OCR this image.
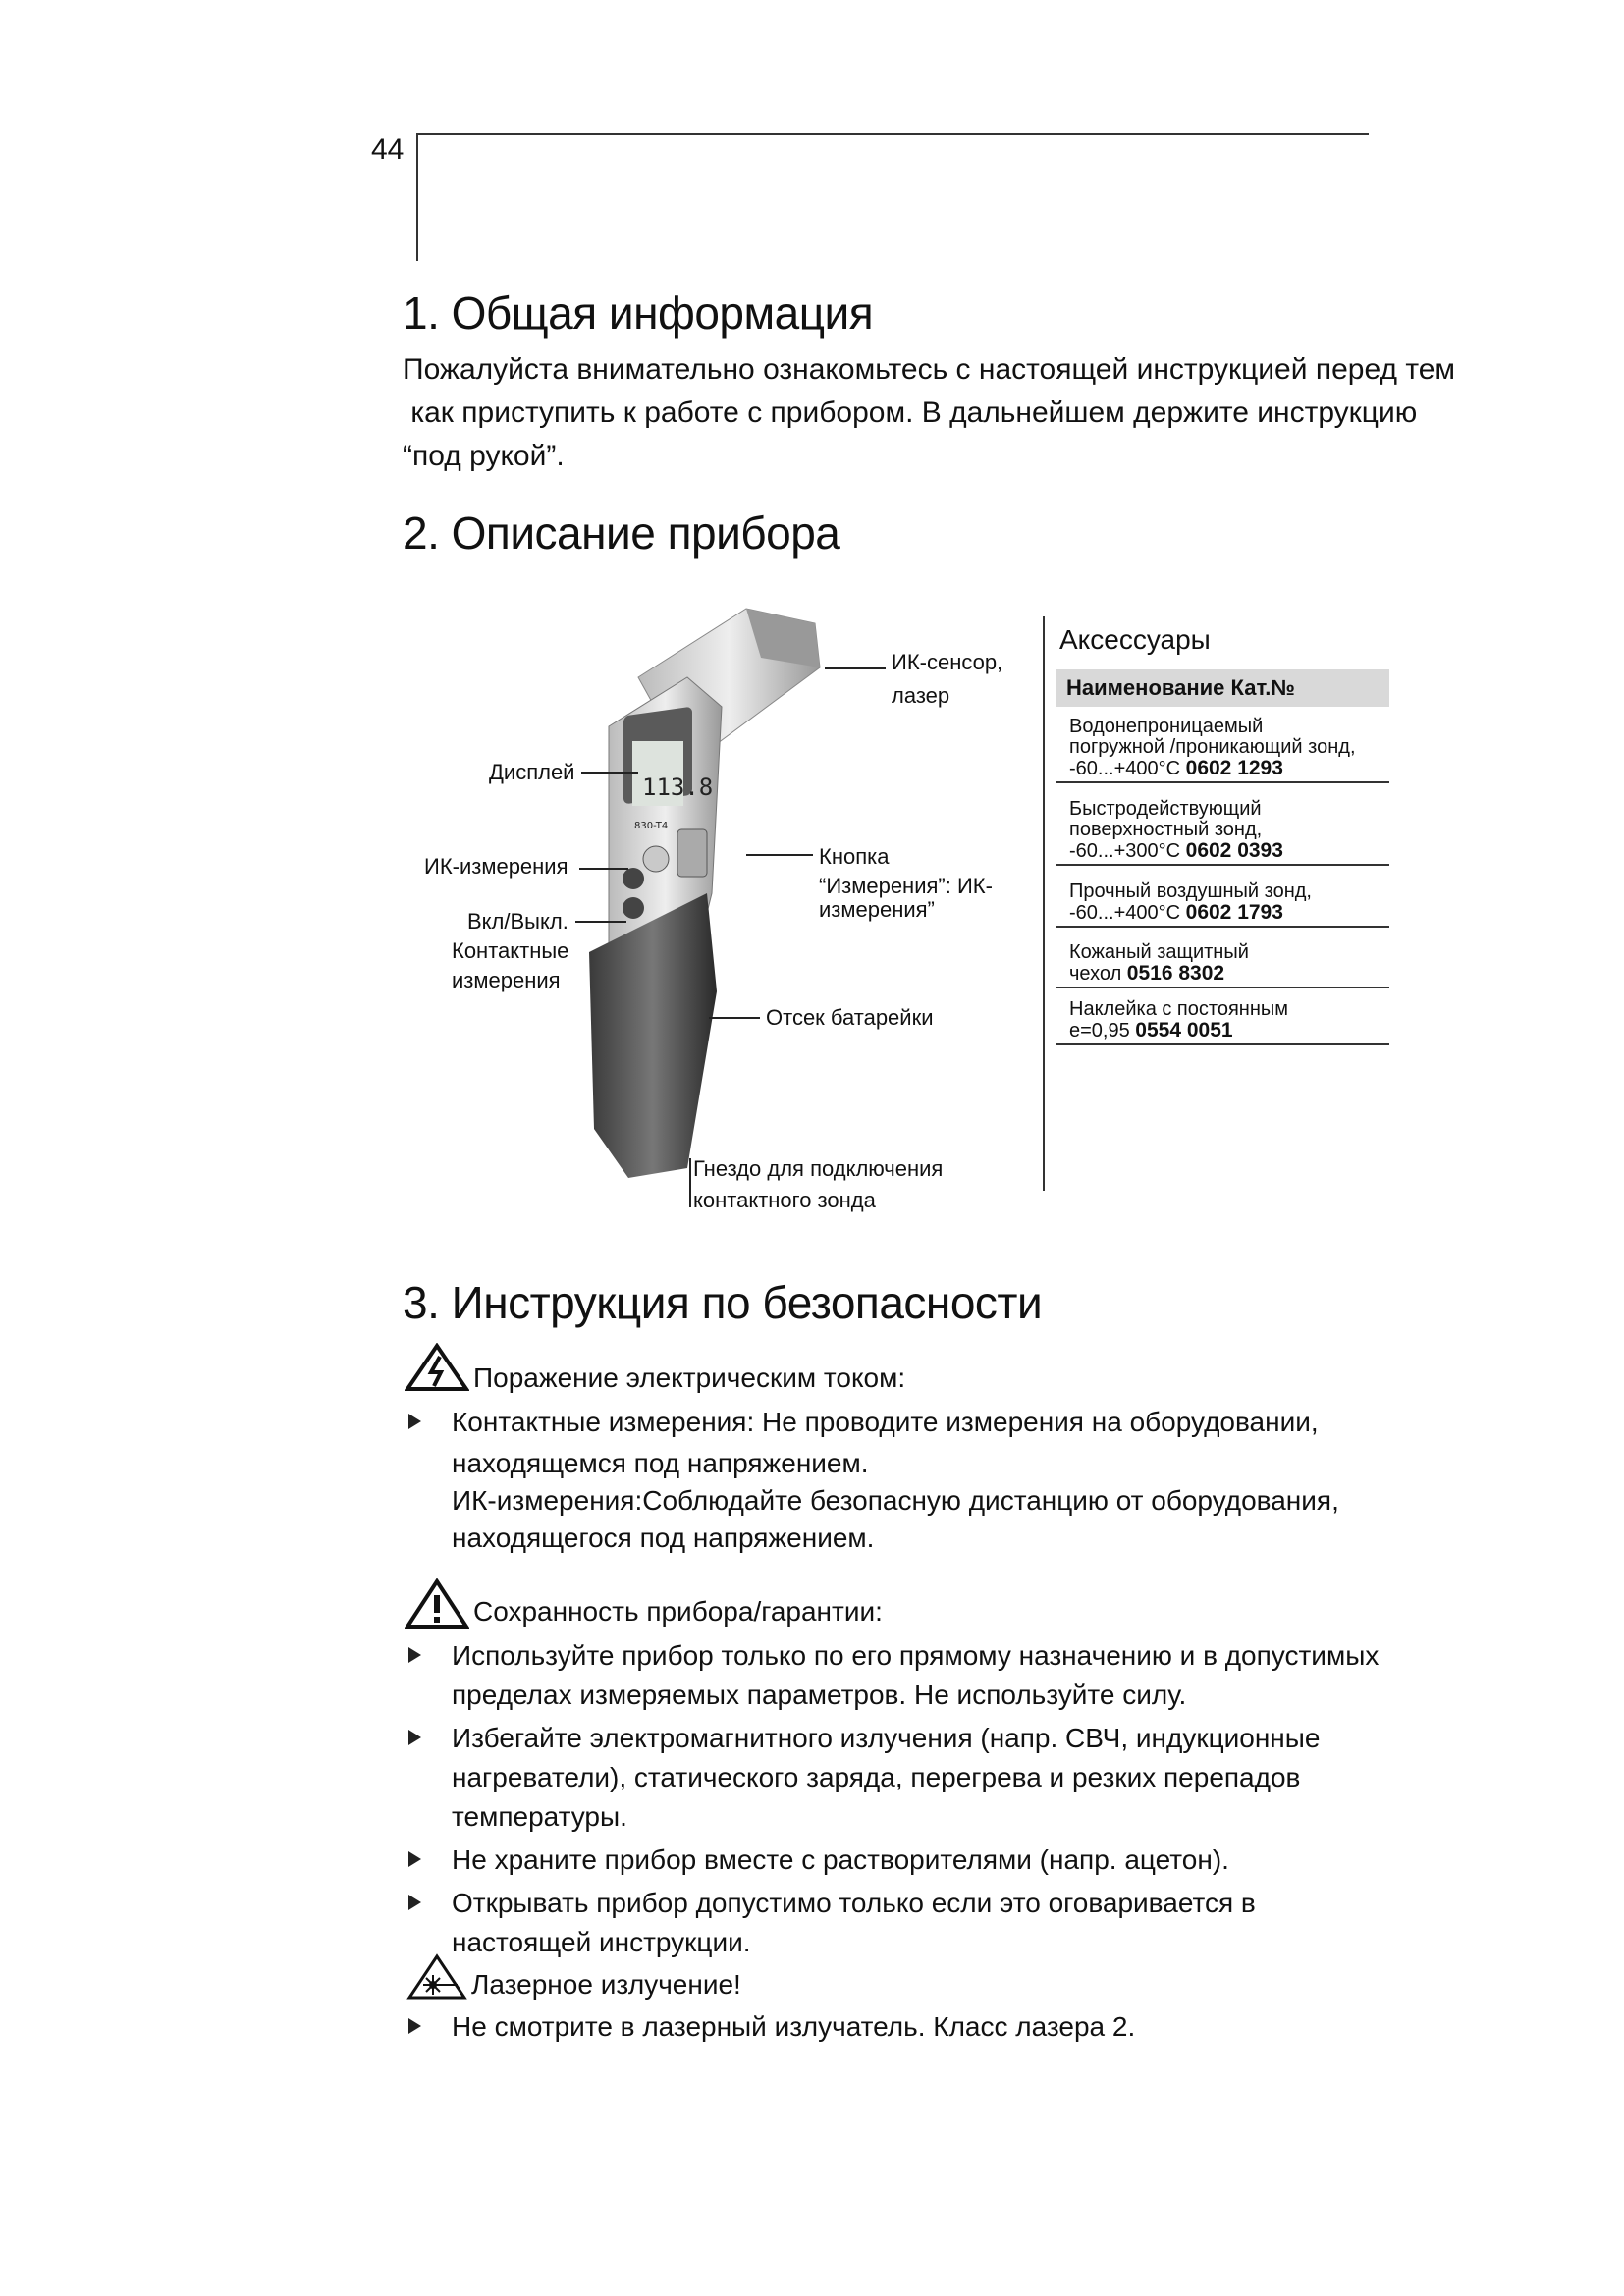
44
1. Общая информация
Пожалуйста внимательно ознакомьтесь с настоящей инструкцией перед тем
как приступить к работе с прибором. В дальнейшем держите инструкцию
“под рукой”.
2. Описание прибора
113.8
830-T4
ИК-сенсор,
лазер
Дисплей
ИК-измерения
Вкл/Выкл.
Контактные
измерения
Кнопка
“Измерения”: ИК-
измерения”
Отсек батарейки
Гнездо для подключения
контактного зонда
Аксессуары
Наименование Кат.№
Водонепроницаемый
погружной /проникающий зонд,
-60...+400°C 0602 1293
Быстродействующий
поверхностный зонд,
-60...+300°C 0602 0393
Прочный воздушный зонд,
-60...+400°C 0602 1793
Кожаный защитный
чехол 0516 8302
Наклейка с постоянным
e=0,95 0554 0051
3. Инструкция по безопасности
Поражение электрическим током:
Контактные измерения: Не проводите измерения на оборудовании,
находящемся под напряжением.
ИК-измерения:Соблюдайте безопасную дистанцию от оборудования,
находящегося под напряжением.
Сохранность прибора/гарантии:
Используйте прибор только по его прямому назначению и в допустимых
пределах измеряемых параметров. Не используйте силу.
Избегайте электромагнитного излучения (напр. СВЧ, индукционные
нагреватели), статического заряда, перегрева и резких перепадов
температуры.
Не храните прибор вместе с растворителями (напр. ацетон).
Открывать прибор допустимо только если это оговаривается в
настоящей инструкции.
Лазерное излучение!
Не смотрите в лазерный излучатель. Класс лазера 2.
